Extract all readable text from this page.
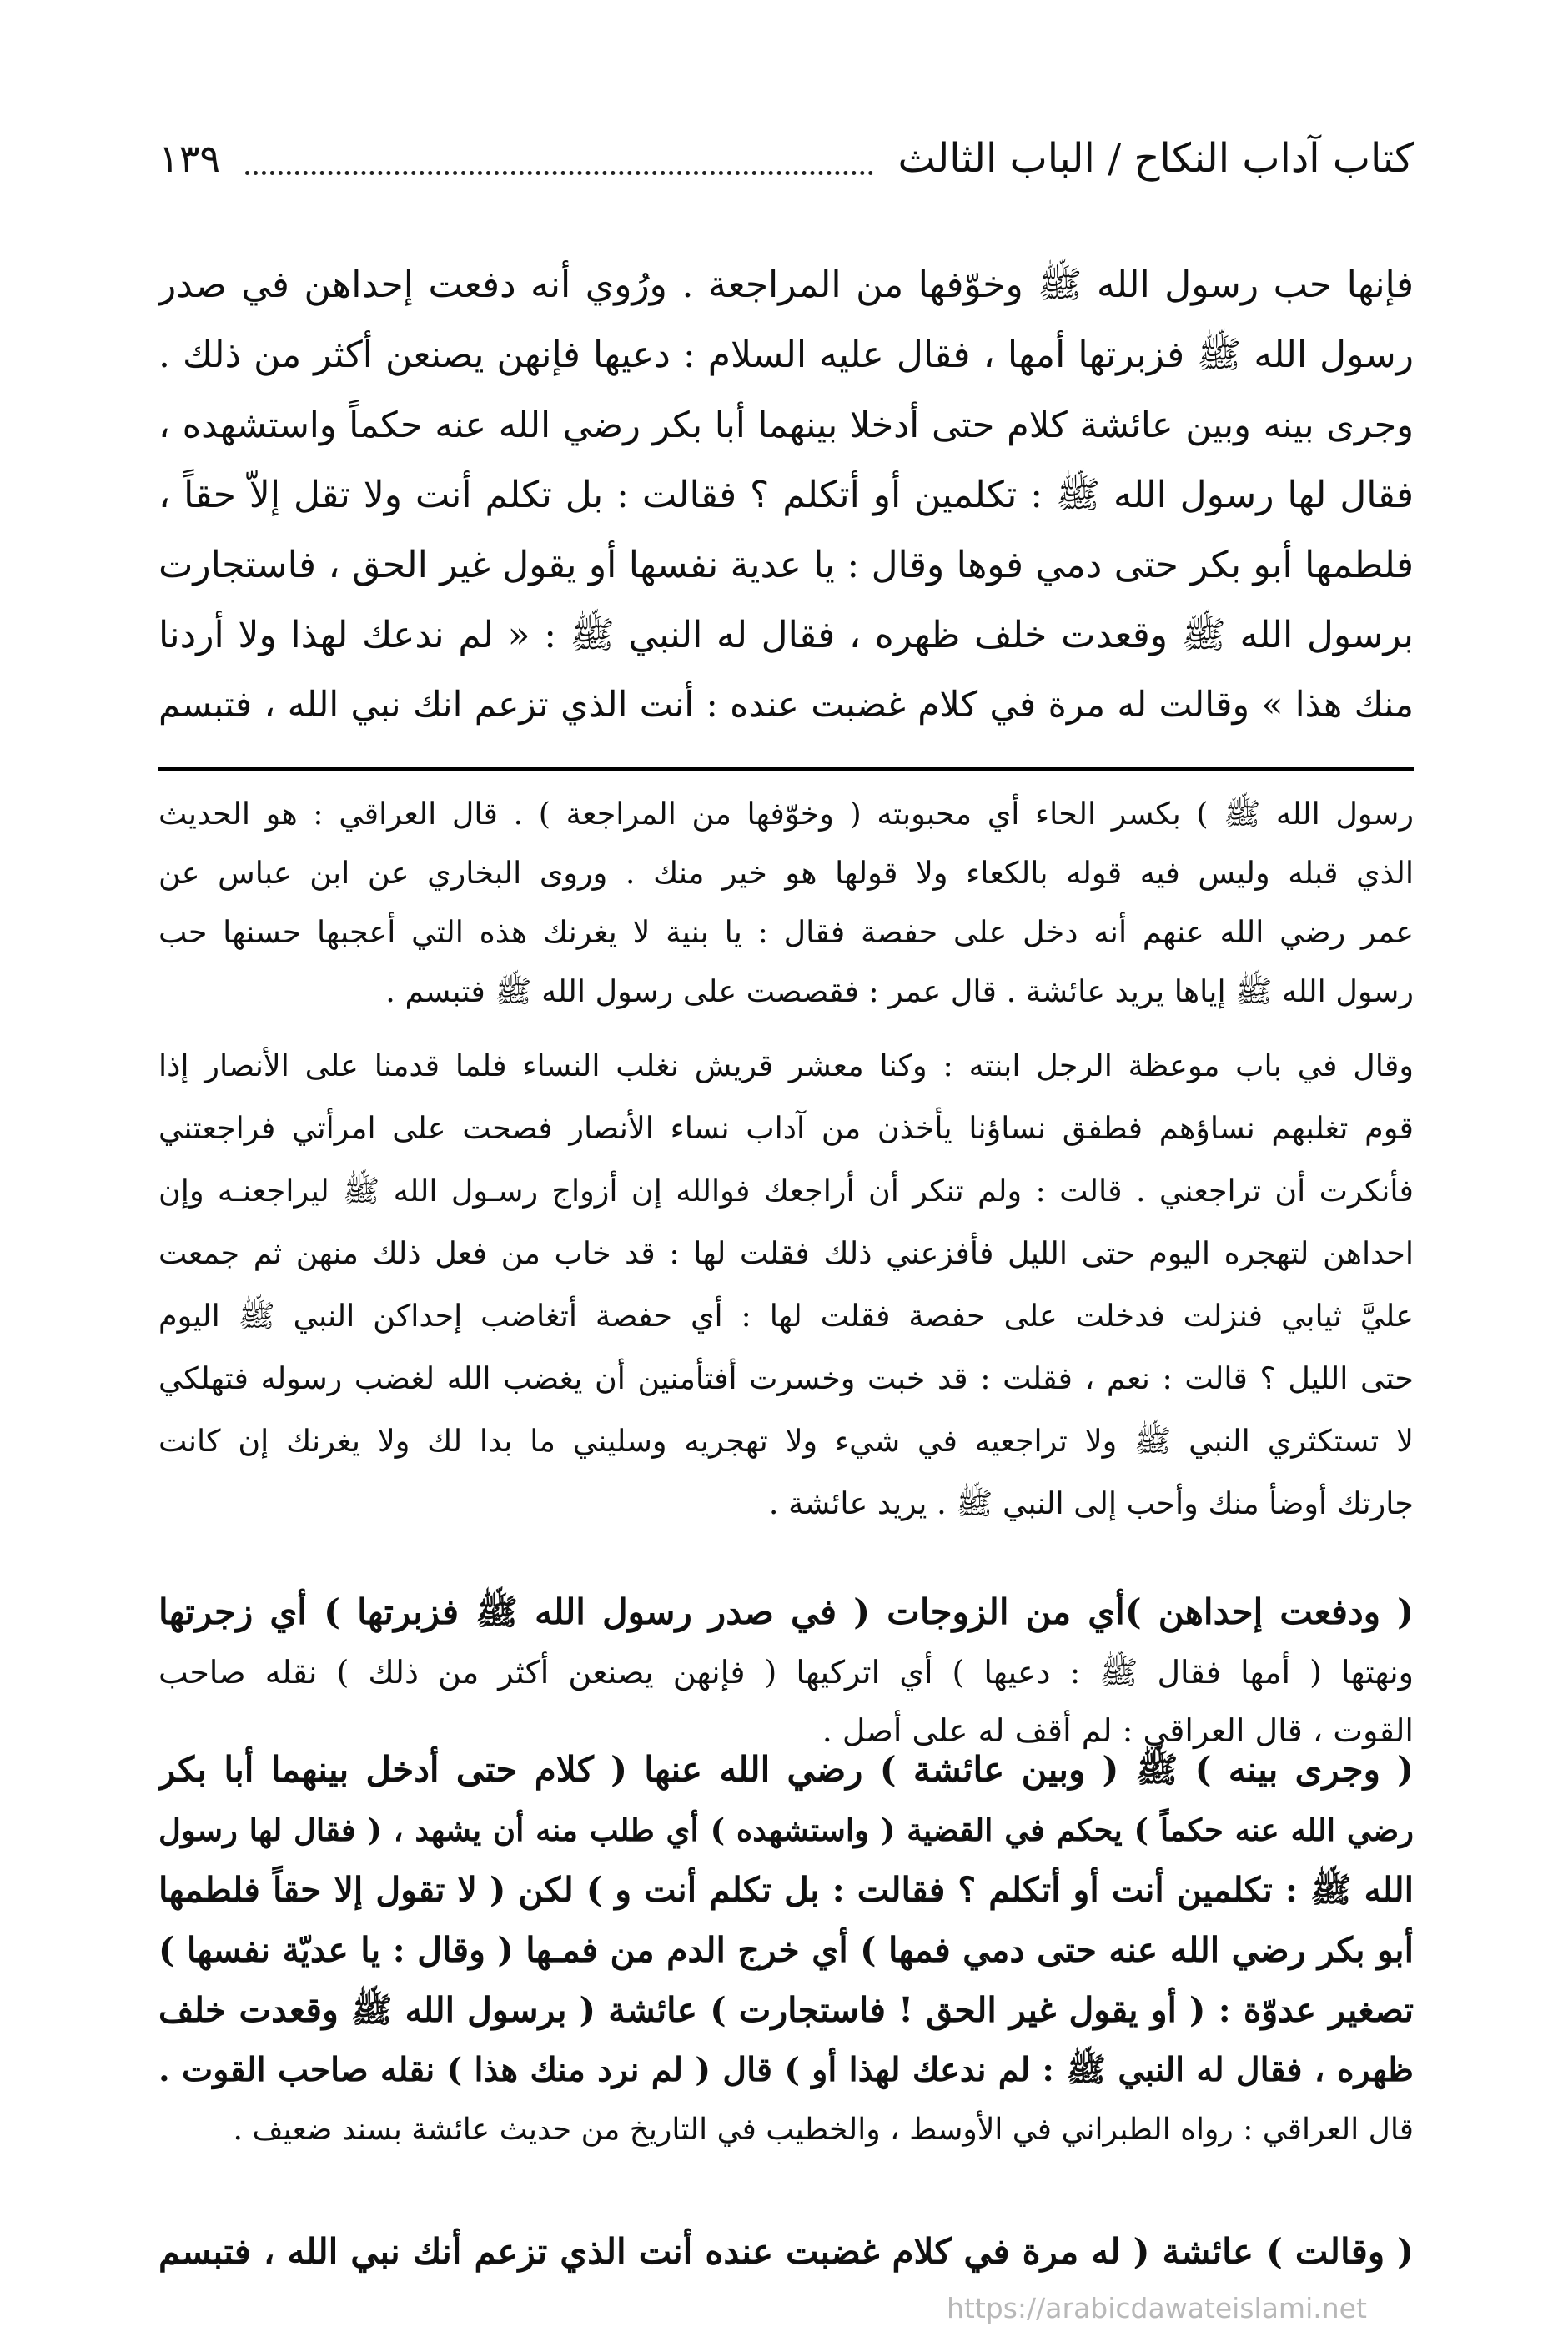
كتاب آداب النكاح / الباب الثالث
١٣٩
فإنها حب رسول الله ﷺ وخوّفها من المراجعة . ورُوي أنه دفعت إحداهن في صدر
رسول الله ﷺ فزبرتها أمها ، فقال عليه السلام : دعيها فإنهن يصنعن أكثر من ذلك .
وجرى بينه وبين عائشة كلام حتى أدخلا بينهما أبا بكر رضي الله عنه حكماً واستشهده ،
فقال لها رسول الله ﷺ : تكلمين أو أتكلم ؟ فقالت : بل تكلم أنت ولا تقل إلاّ حقاً ،
فلطمها أبو بكر حتى دمي فوها وقال : يا عدية نفسها أو يقول غير الحق ، فاستجارت
برسول الله ﷺ وقعدت خلف ظهره ، فقال له النبي ﷺ : « لم ندعك لهذا ولا أردنا
منك هذا » وقالت له مرة في كلام غضبت عنده : أنت الذي تزعم انك نبي الله ، فتبسم
رسول الله ﷺ ) بكسر الحاء أي محبوبته ( وخوّفها من المراجعة ) . قال العراقي : هو الحديث
الذي قبله وليس فيه قوله بالكعاء ولا قولها هو خير منك . وروى البخاري عن ابن عباس عن
عمر رضي الله عنهم أنه دخل على حفصة فقال : يا بنية لا يغرنك هذه التي أعجبها حسنها حب
رسول الله ﷺ إياها يريد عائشة . قال عمر : فقصصت على رسول الله ﷺ فتبسم .
وقال في باب موعظة الرجل ابنته : وكنا معشر قريش نغلب النساء فلما قدمنا على الأنصار إذا
قوم تغلبهم نساؤهم فطفق نساؤنا يأخذن من آداب نساء الأنصار فصحت على امرأتي فراجعتني
فأنكرت أن تراجعني . قالت : ولم تنكر أن أراجعك فوالله إن أزواج رسـول الله ﷺ ليراجعنـه وإن
احداهن لتهجره اليوم حتى الليل فأفزعني ذلك فقلت لها : قد خاب من فعل ذلك منهن ثم جمعت
عليَّ ثيابي فنزلت فدخلت على حفصة فقلت لها : أي حفصة أتغاضب إحداكن النبي ﷺ اليوم
حتى الليل ؟ قالت : نعم ، فقلت : قد خبت وخسرت أفتأمنين أن يغضب الله لغضب رسوله فتهلكي
لا تستكثري النبي ﷺ ولا تراجعيه في شيء ولا تهجريه وسليني ما بدا لك ولا يغرنك إن كانت
جارتك أوضأ منك وأحب إلى النبي ﷺ . يريد عائشة .
( ودفعت إحداهن )أي من الزوجات ( في صدر رسول الله ﷺ فزبرتها ) أي زجرتها
ونهتها ( أمها فقال ﷺ : دعيها ) أي اتركيها ( فإنهن يصنعن أكثر من ذلك ) نقله صاحب
القوت ، قال العراقي : لم أقف له على أصل .
( وجرى بينه ) ﷺ ( وبين عائشة ) رضي الله عنها ( كلام حتى أدخل بينهما أبا بكر
رضي الله عنه حكماً ) يحكم في القضية ( واستشهده ) أي طلب منه أن يشهد ، ( فقال لها رسول
الله ﷺ : تكلمين أنت أو أتكلم ؟ فقالت : بل تكلم أنت و ) لكن ( لا تقول إلا حقاً فلطمها
أبو بكر رضي الله عنه حتى دمي فمها ) أي خرج الدم من فمـها ( وقال : يا عديّة نفسها )
تصغير عدوّة : ( أو يقول غير الحق ! فاستجارت ) عائشة ( برسول الله ﷺ وقعدت خلف
ظهره ، فقال له النبي ﷺ : لم ندعك لهذا أو ) قال ( لم نرد منك هذا ) نقله صاحب القوت .
قال العراقي : رواه الطبراني في الأوسط ، والخطيب في التاريخ من حديث عائشة بسند ضعيف .
( وقالت ) عائشة ( له مرة في كلام غضبت عنده أنت الذي تزعم أنك نبي الله ، فتبسم
https://arabicdawateislami.net
